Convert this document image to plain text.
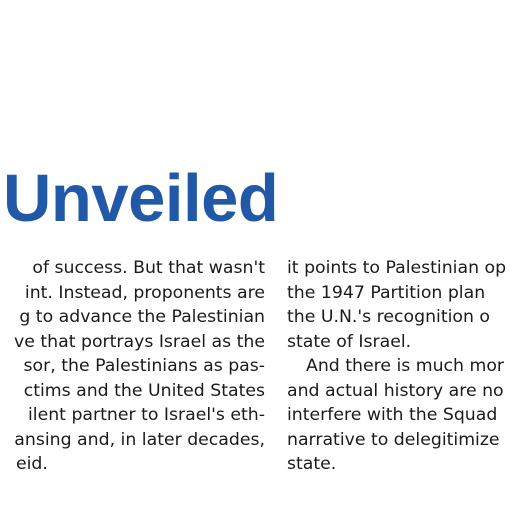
Unveiled
of success. But that wasn't
int. Instead, proponents are
g to advance the Palestinian
ve that portrays Israel as the
sor, the Palestinians as pas-
ctims and the United States
ilent partner to Israel's eth-
ansing and, in later decades,
eid.
it points to Palestinian op
the 1947 Partition plan
the U.N.'s recognition o
state of Israel.
And there is much mor
and actual history are no
interfere with the Squad
narrative to delegitimize
state.
